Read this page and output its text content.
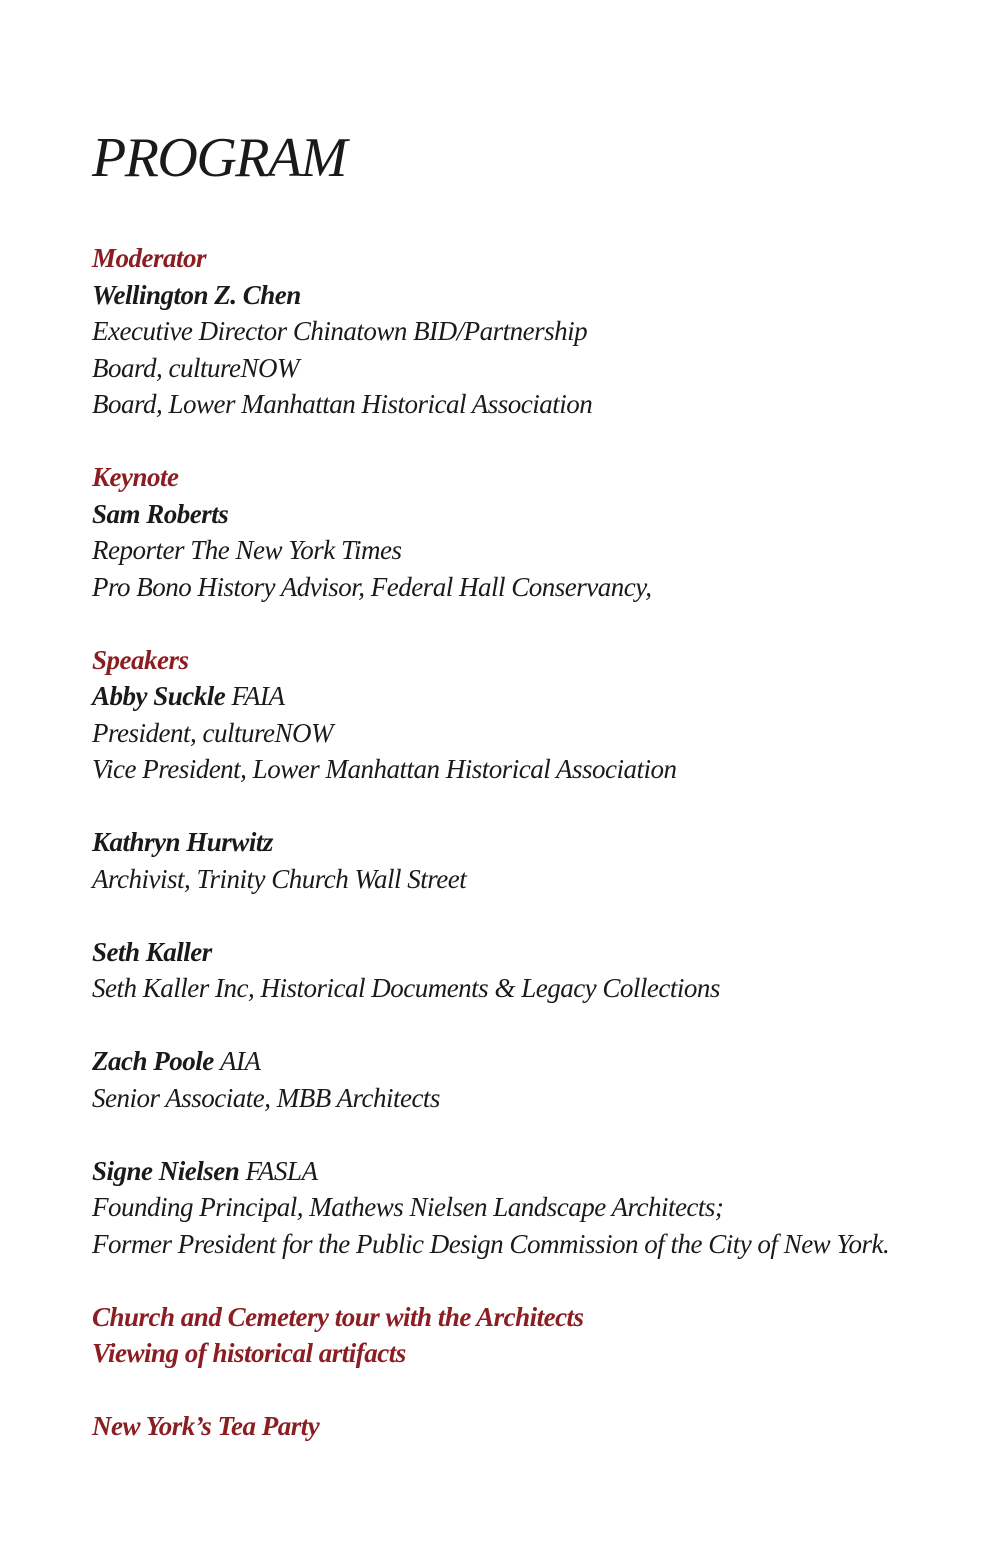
PROGRAM
Moderator
Wellington Z. Chen
Executive Director Chinatown BID/Partnership
Board, cultureNOW
Board, Lower Manhattan Historical Association
Keynote
Sam Roberts
Reporter The New York Times
Pro Bono History Advisor, Federal Hall Conservancy,
Speakers
Abby Suckle FAIA
President, cultureNOW
Vice President, Lower Manhattan Historical Association
Kathryn Hurwitz
Archivist, Trinity Church Wall Street
Seth Kaller
Seth Kaller Inc, Historical Documents & Legacy Collections
Zach Poole AIA
Senior Associate, MBB Architects
Signe Nielsen FASLA
Founding Principal, Mathews Nielsen Landscape Architects;
Former President for the Public Design Commission of the City of New York.
Church and Cemetery tour with the Architects
Viewing of historical artifacts
New York’s Tea Party
